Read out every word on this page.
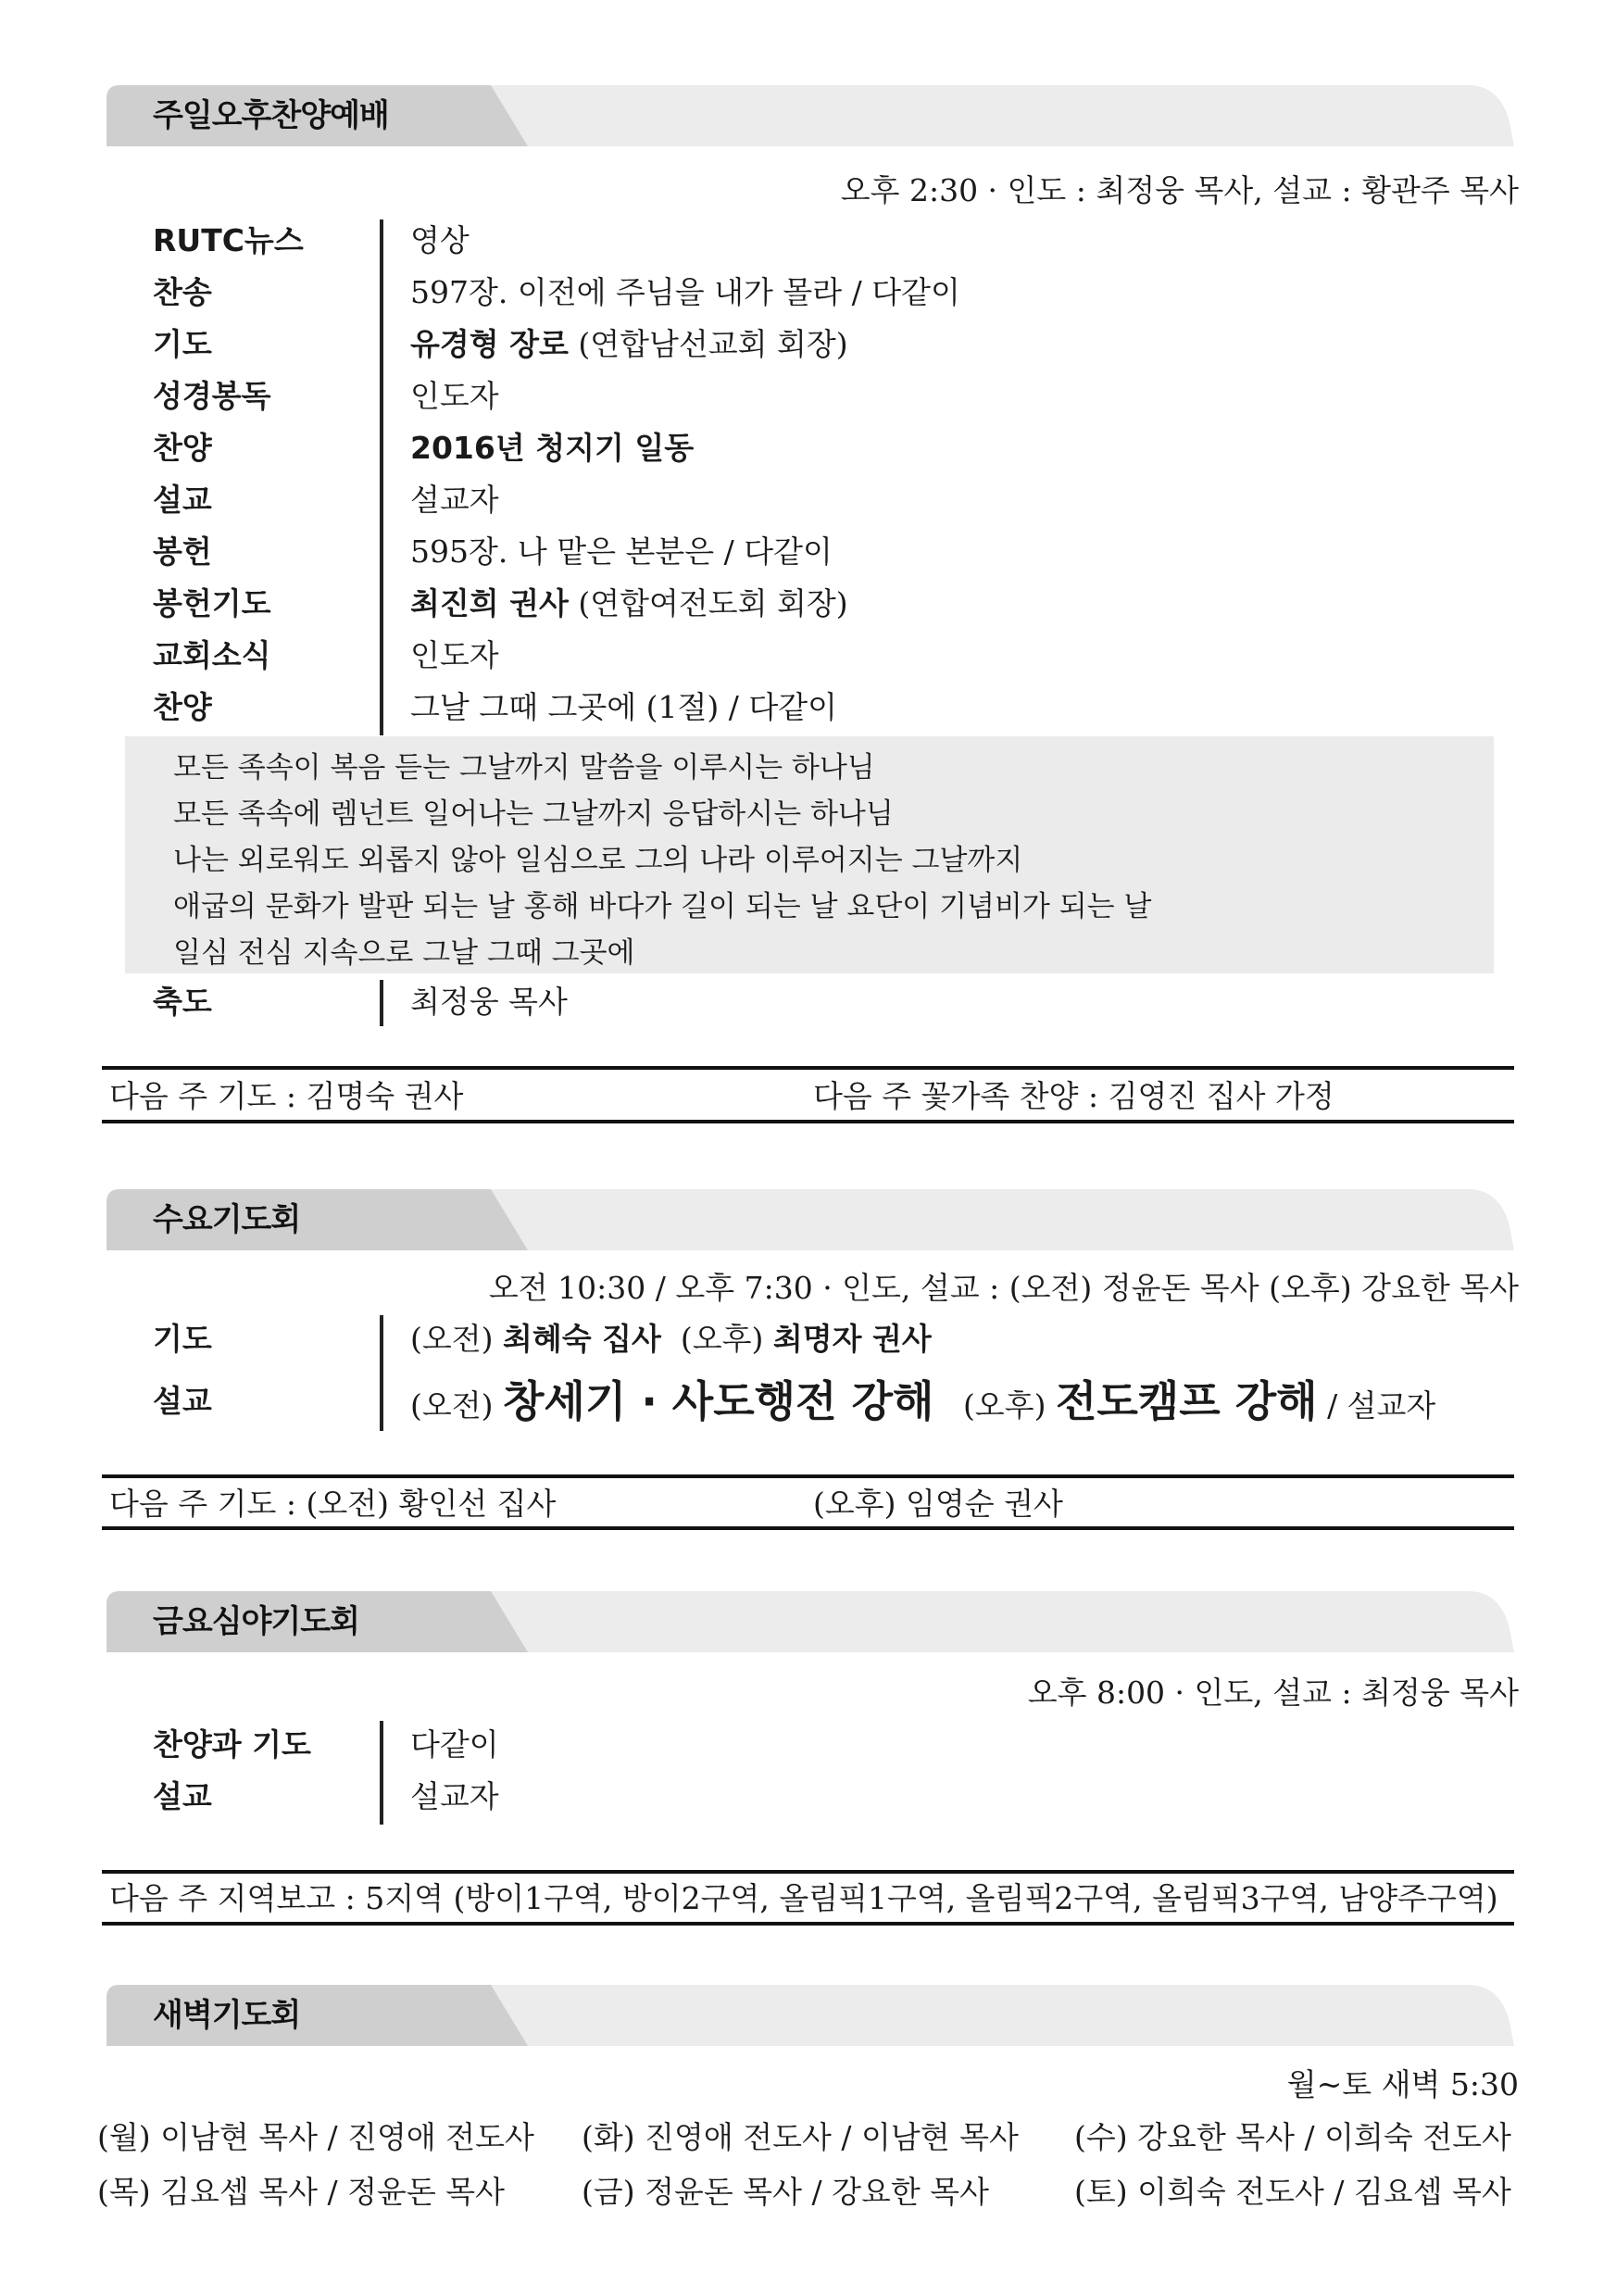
주일오후찬양예배
오후 2:30 · 인도 : 최정웅 목사, 설교 : 황관주 목사
RUTC뉴스	영상
찬송	597장. 이전에 주님을 내가 몰라 / 다같이
기도	유경형 장로 (연합남선교회 회장)
성경봉독	인도자
찬양	2016년 청지기 일동
설교	설교자
봉헌	595장. 나 맡은 본분은 / 다같이
봉헌기도	최진희 권사 (연합여전도회 회장)
교회소식	인도자
찬양	그날 그때 그곳에 (1절) / 다같이
모든 족속이 복음 듣는 그날까지 말씀을 이루시는 하나님
모든 족속에 렘넌트 일어나는 그날까지 응답하시는 하나님
나는 외로워도 외롭지 않아 일심으로 그의 나라 이루어지는 그날까지
애굽의 문화가 발판 되는 날 홍해 바다가 길이 되는 날 요단이 기념비가 되는 날
일심 전심 지속으로 그날 그때 그곳에
축도	최정웅 목사
다음 주 기도 : 김명숙 권사	다음 주 꽃가족 찬양 : 김영진 집사 가정
수요기도회
오전 10:30 / 오후 7:30 · 인도, 설교 : (오전) 정윤돈 목사 (오후) 강요한 목사
기도	(오전) 최혜숙 집사 (오후) 최명자 권사
설교	(오전) 창세기 · 사도행전 강해 (오후) 전도캠프 강해 / 설교자
다음 주 기도 : (오전) 황인선 집사	(오후) 임영순 권사
금요심야기도회
오후 8:00 · 인도, 설교 : 최정웅 목사
찬양과 기도	다같이
설교	설교자
다음 주 지역보고 : 5지역 (방이1구역, 방이2구역, 올림픽1구역, 올림픽2구역, 올림픽3구역, 남양주구역)
새벽기도회
월~토 새벽 5:30
(월) 이남현 목사 / 진영애 전도사 (화) 진영애 전도사 / 이남현 목사 (수) 강요한 목사 / 이희숙 전도사
(목) 김요셉 목사 / 정윤돈 목사	(금) 정윤돈 목사 / 강요한 목사	(토) 이희숙 전도사 / 김요셉 목사
